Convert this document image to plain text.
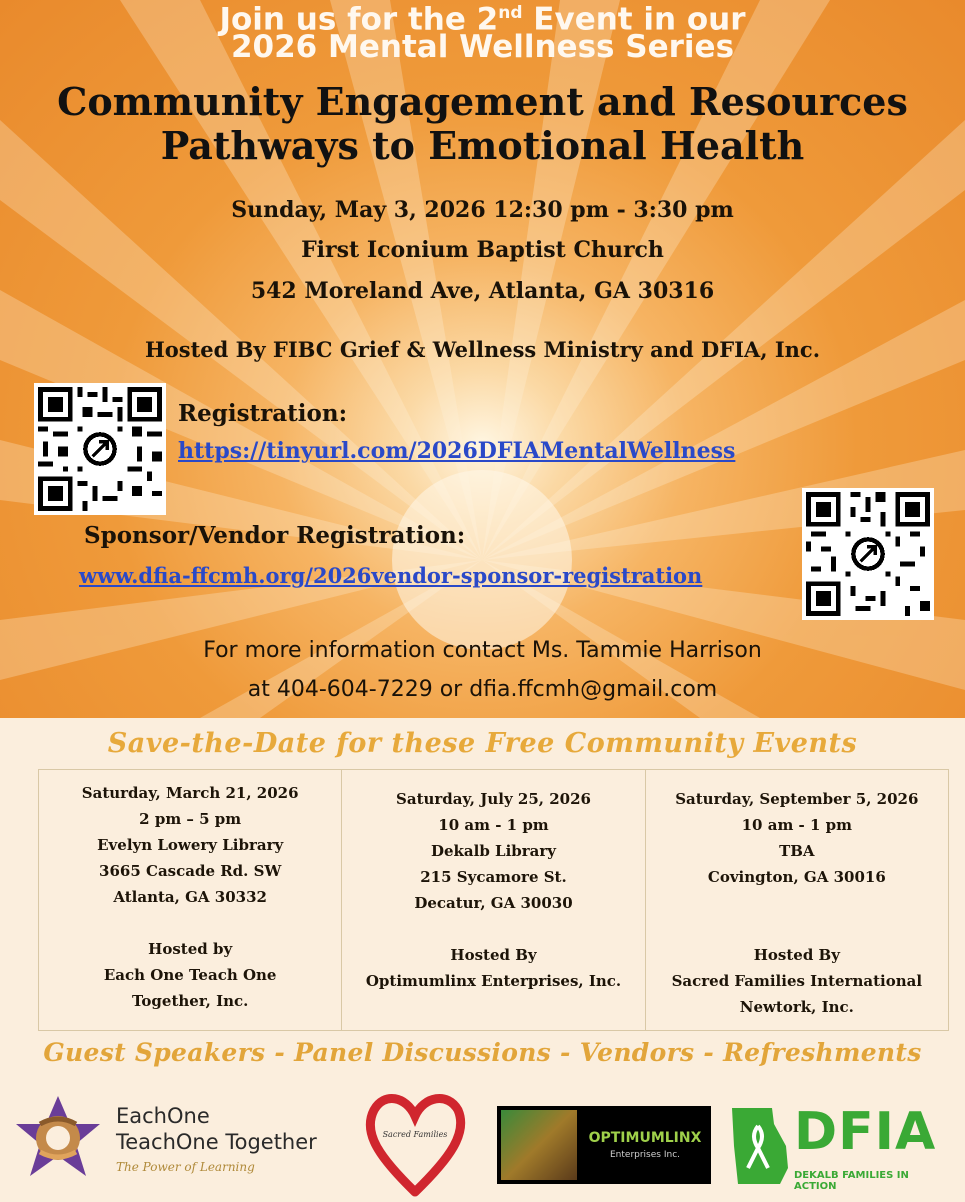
Join us for the 2nd Event in our
2026 Mental Wellness Series
Community Engagement and Resources
Pathways to Emotional Health
Sunday, May 3, 2026 12:30 pm - 3:30 pm
First Iconium Baptist Church
542 Moreland Ave, Atlanta, GA 30316
Hosted By FIBC Grief & Wellness Ministry and DFIA, Inc.
Registration:
https://tinyurl.com/2026DFIAMentalWellness
Sponsor/Vendor Registration:
www.dfia-ffcmh.org/2026vendor-sponsor-registration
For more information contact Ms. Tammie Harrison
at 404-604-7229 or dfia.ffcmh@gmail.com
Save-the-Date for these Free Community Events
Saturday, March 21, 2026
2 pm – 5 pm
Evelyn Lowery Library
3665 Cascade Rd. SW
Atlanta, GA 30332
Hosted by
Each One Teach One
Together, Inc.
Saturday, July 25, 2026
10 am - 1 pm
Dekalb Library
215 Sycamore St.
Decatur, GA 30030
Hosted By
Optimumlinx Enterprises, Inc.
Saturday, September 5, 2026
10 am - 1 pm
TBA
Covington, GA 30016
Hosted By
Sacred Families International
Newtork, Inc.
Guest Speakers - Panel Discussions - Vendors - Refreshments
EachOne
TeachOne Together
The Power of Learning
Sacred Families	OPTIMUMLINX
Enterprises Inc.	DFIA
DEKALB FAMILIES IN ACTION
